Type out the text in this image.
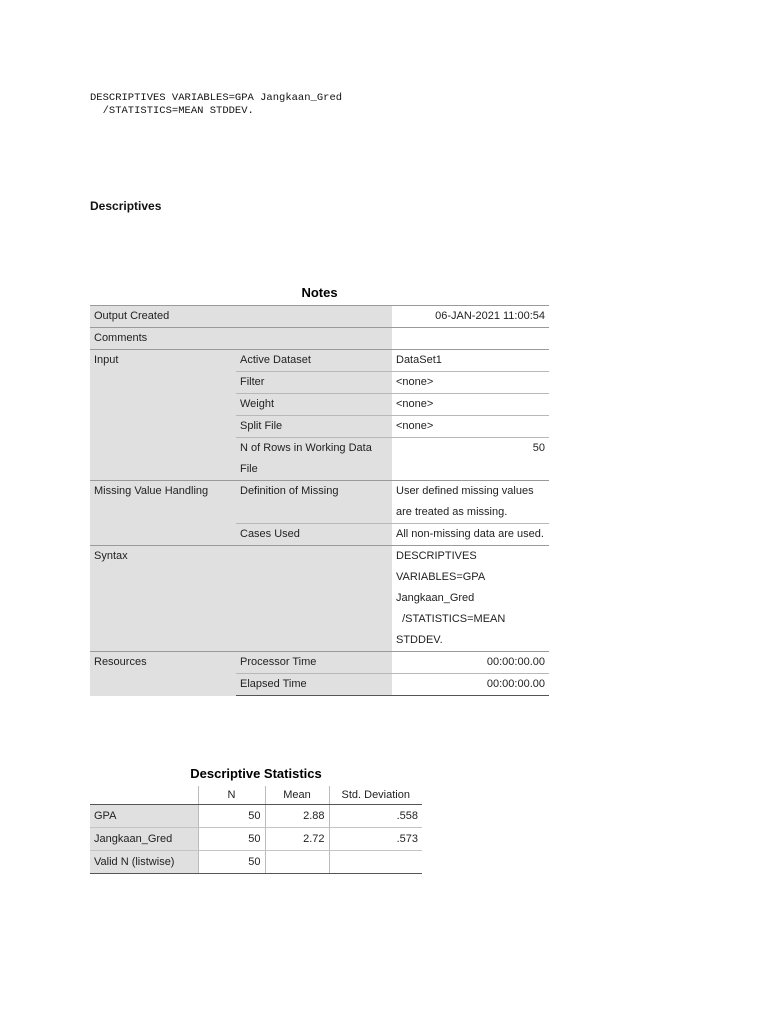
DESCRIPTIVES VARIABLES=GPA Jangkaan_Gred
/STATISTICS=MEAN STDDEV.
Descriptives
Notes
Output Created		06-JAN-2021 11:00:54
Comments		
Input	Active Dataset	DataSet1
	Filter	<none>
	Weight	<none>
	Split File	<none>
	N of Rows in Working Data File	50
Missing Value Handling	Definition of Missing	User defined missing values are treated as missing.
	Cases Used	All non-missing data are used.
Syntax		DESCRIPTIVES VARIABLES=GPA Jangkaan_Gred
/STATISTICS=MEAN STDDEV.
Resources	Processor Time	00:00:00.00
	Elapsed Time	00:00:00.00
Descriptive Statistics
	N	Mean	Std. Deviation
GPA	50	2.88	.558
Jangkaan_Gred	50	2.72	.573
Valid N (listwise)	50		
